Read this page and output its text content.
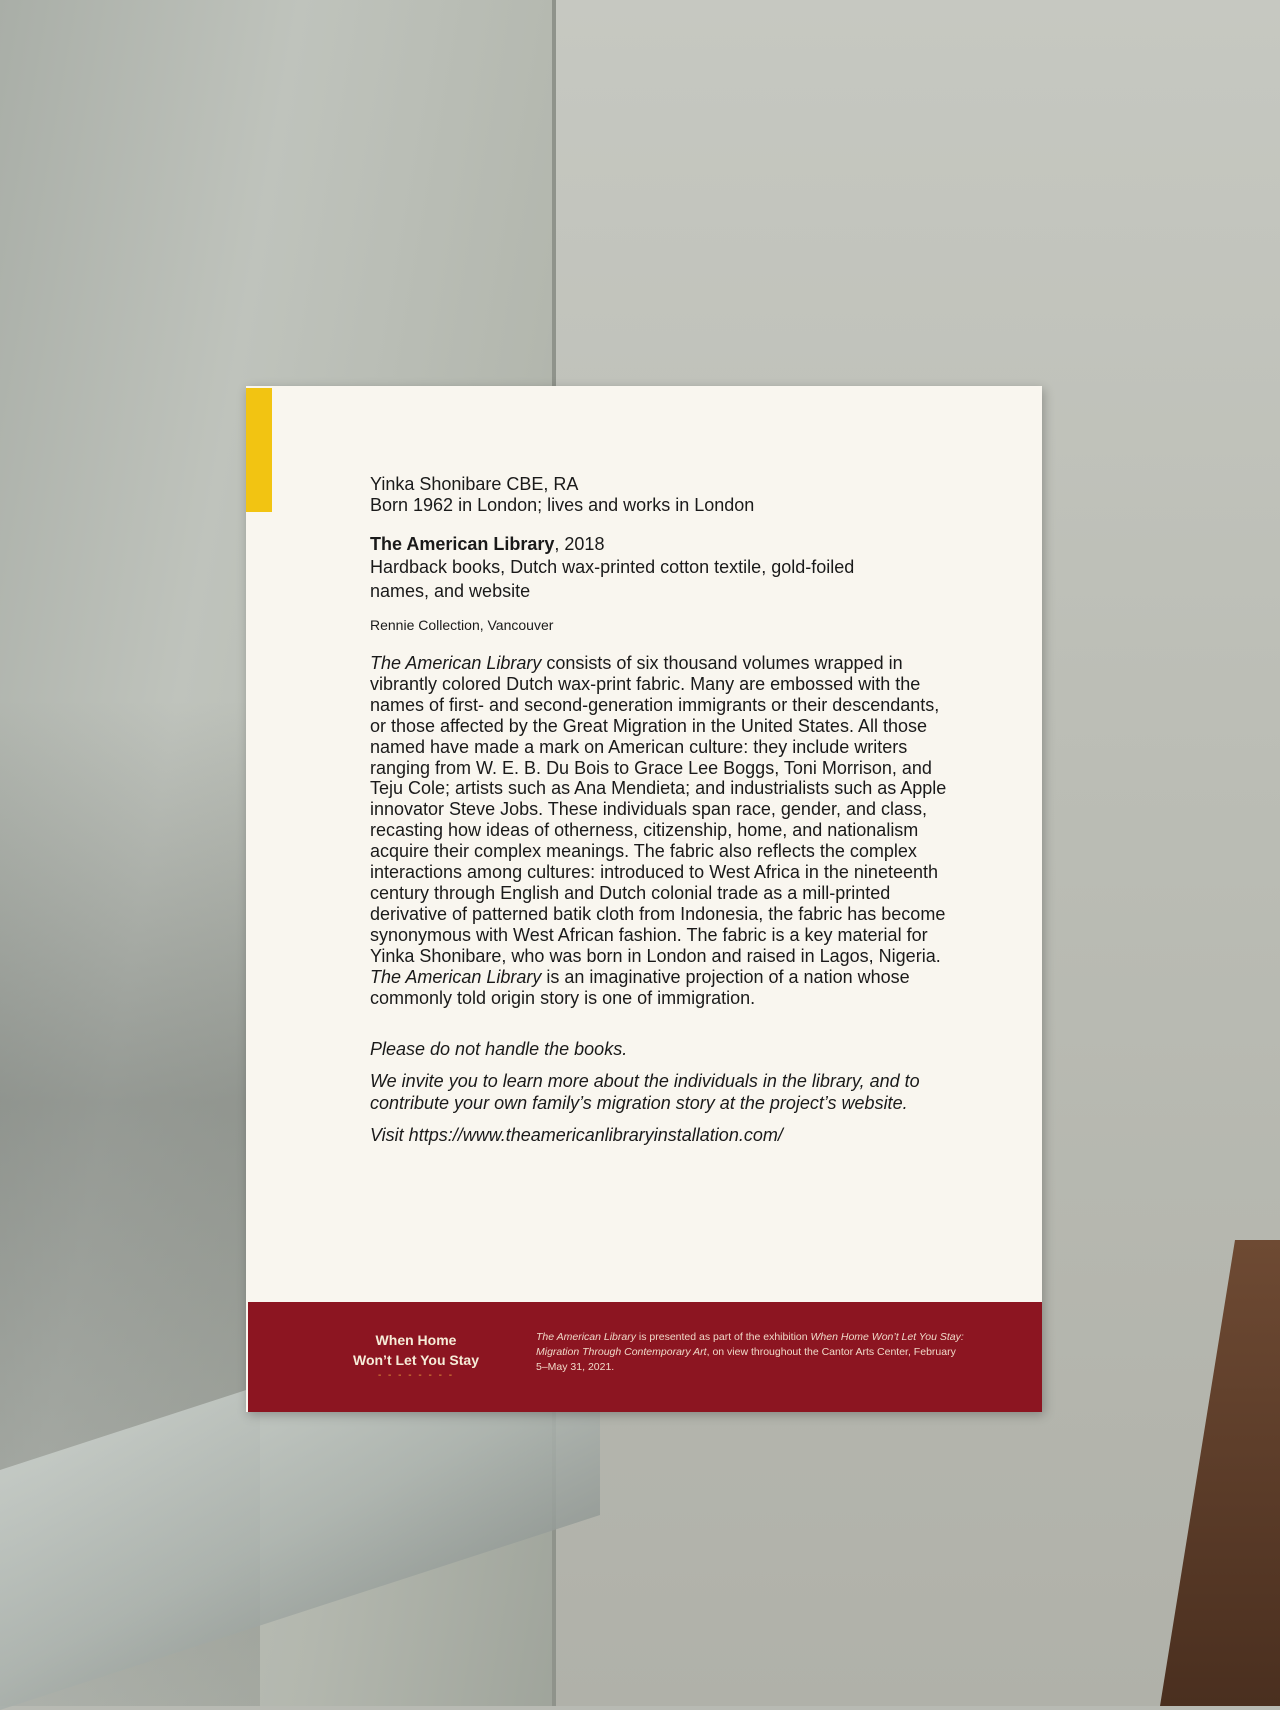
Yinka Shonibare CBE, RA

Born 1962 in London; lives and works in London

The American Library, 2018

Hardback books, Dutch wax-printed cotton textile, gold-foiled
names, and website

Rennie Collection, Vancouver

The American Library consists of six thousand volumes wrapped in vibrantly colored Dutch wax-print fabric. Many are embossed with the names of first- and second-generation immigrants or their descendants, or those affected by the Great Migration in the United States. All those named have made a mark on American culture: they include writers ranging from W. E. B. Du Bois to Grace Lee Boggs, Toni Morrison, and Teju Cole; artists such as Ana Mendieta; and industrialists such as Apple innovator Steve Jobs. These individuals span race, gender, and class, recasting how ideas of otherness, citizenship, home, and nationalism acquire their complex meanings. The fabric also reflects the complex interactions among cultures: introduced to West Africa in the nineteenth century through English and Dutch colonial trade as a mill-printed derivative of patterned batik cloth from Indonesia, the fabric has become synonymous with West African fashion. The fabric is a key material for Yinka Shonibare, who was born in London and raised in Lagos, Nigeria. The American Library is an imaginative projection of a nation whose commonly told origin story is one of immigration.

Please do not handle the books.

We invite you to learn more about the individuals in the library, and to contribute your own family’s migration story at the project’s website.

Visit https://www.theamericanlibraryinstallation.com/

When Home
Won’t Let You Stay
- - - - - - - -
The American Library is presented as part of the exhibition When Home Won’t Let You Stay: Migration Through Contemporary Art, on view throughout the Cantor Arts Center, February 5–May 31, 2021.
